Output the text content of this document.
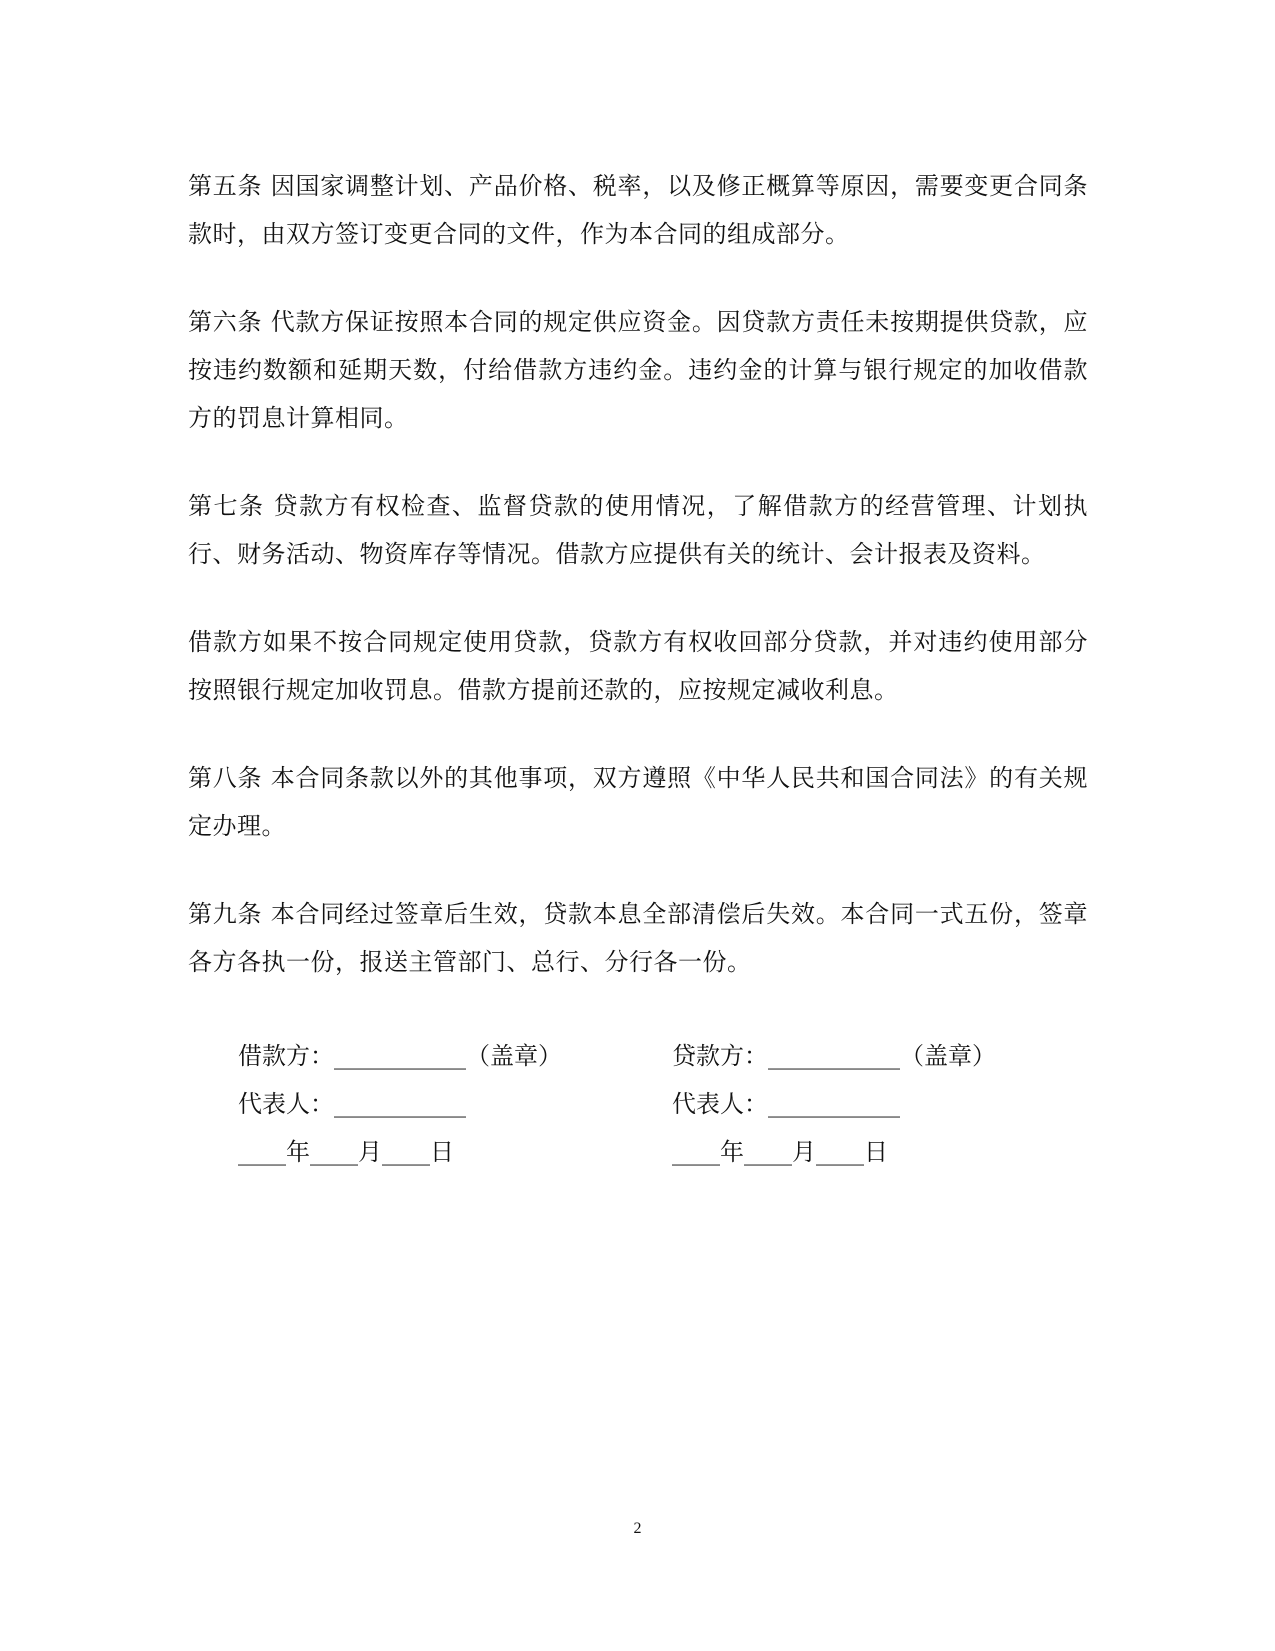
第五条 因国家调整计划、产品价格、税率，以及修正概算等原因，需要变更合同条款时，由双方签订变更合同的文件，作为本合同的组成部分。

第六条 代款方保证按照本合同的规定供应资金。因贷款方责任未按期提供贷款，应按违约数额和延期天数，付给借款方违约金。违约金的计算与银行规定的加收借款方的罚息计算相同。

第七条 贷款方有权检查、监督贷款的使用情况，了解借款方的经营管理、计划执行、财务活动、物资库存等情况。借款方应提供有关的统计、会计报表及资料。

借款方如果不按合同规定使用贷款，贷款方有权收回部分贷款，并对违约使用部分按照银行规定加收罚息。借款方提前还款的，应按规定减收利息。

第八条 本合同条款以外的其他事项，双方遵照《中华人民共和国合同法》的有关规定办理。

第九条 本合同经过签章后生效，贷款本息全部清偿后失效。本合同一式五份，签章各方各执一份，报送主管部门、总行、分行各一份。

借款方：___________（盖章）	贷款方：___________（盖章）
代表人：___________	代表人：___________
____年____月____日	____年____月____日
2
